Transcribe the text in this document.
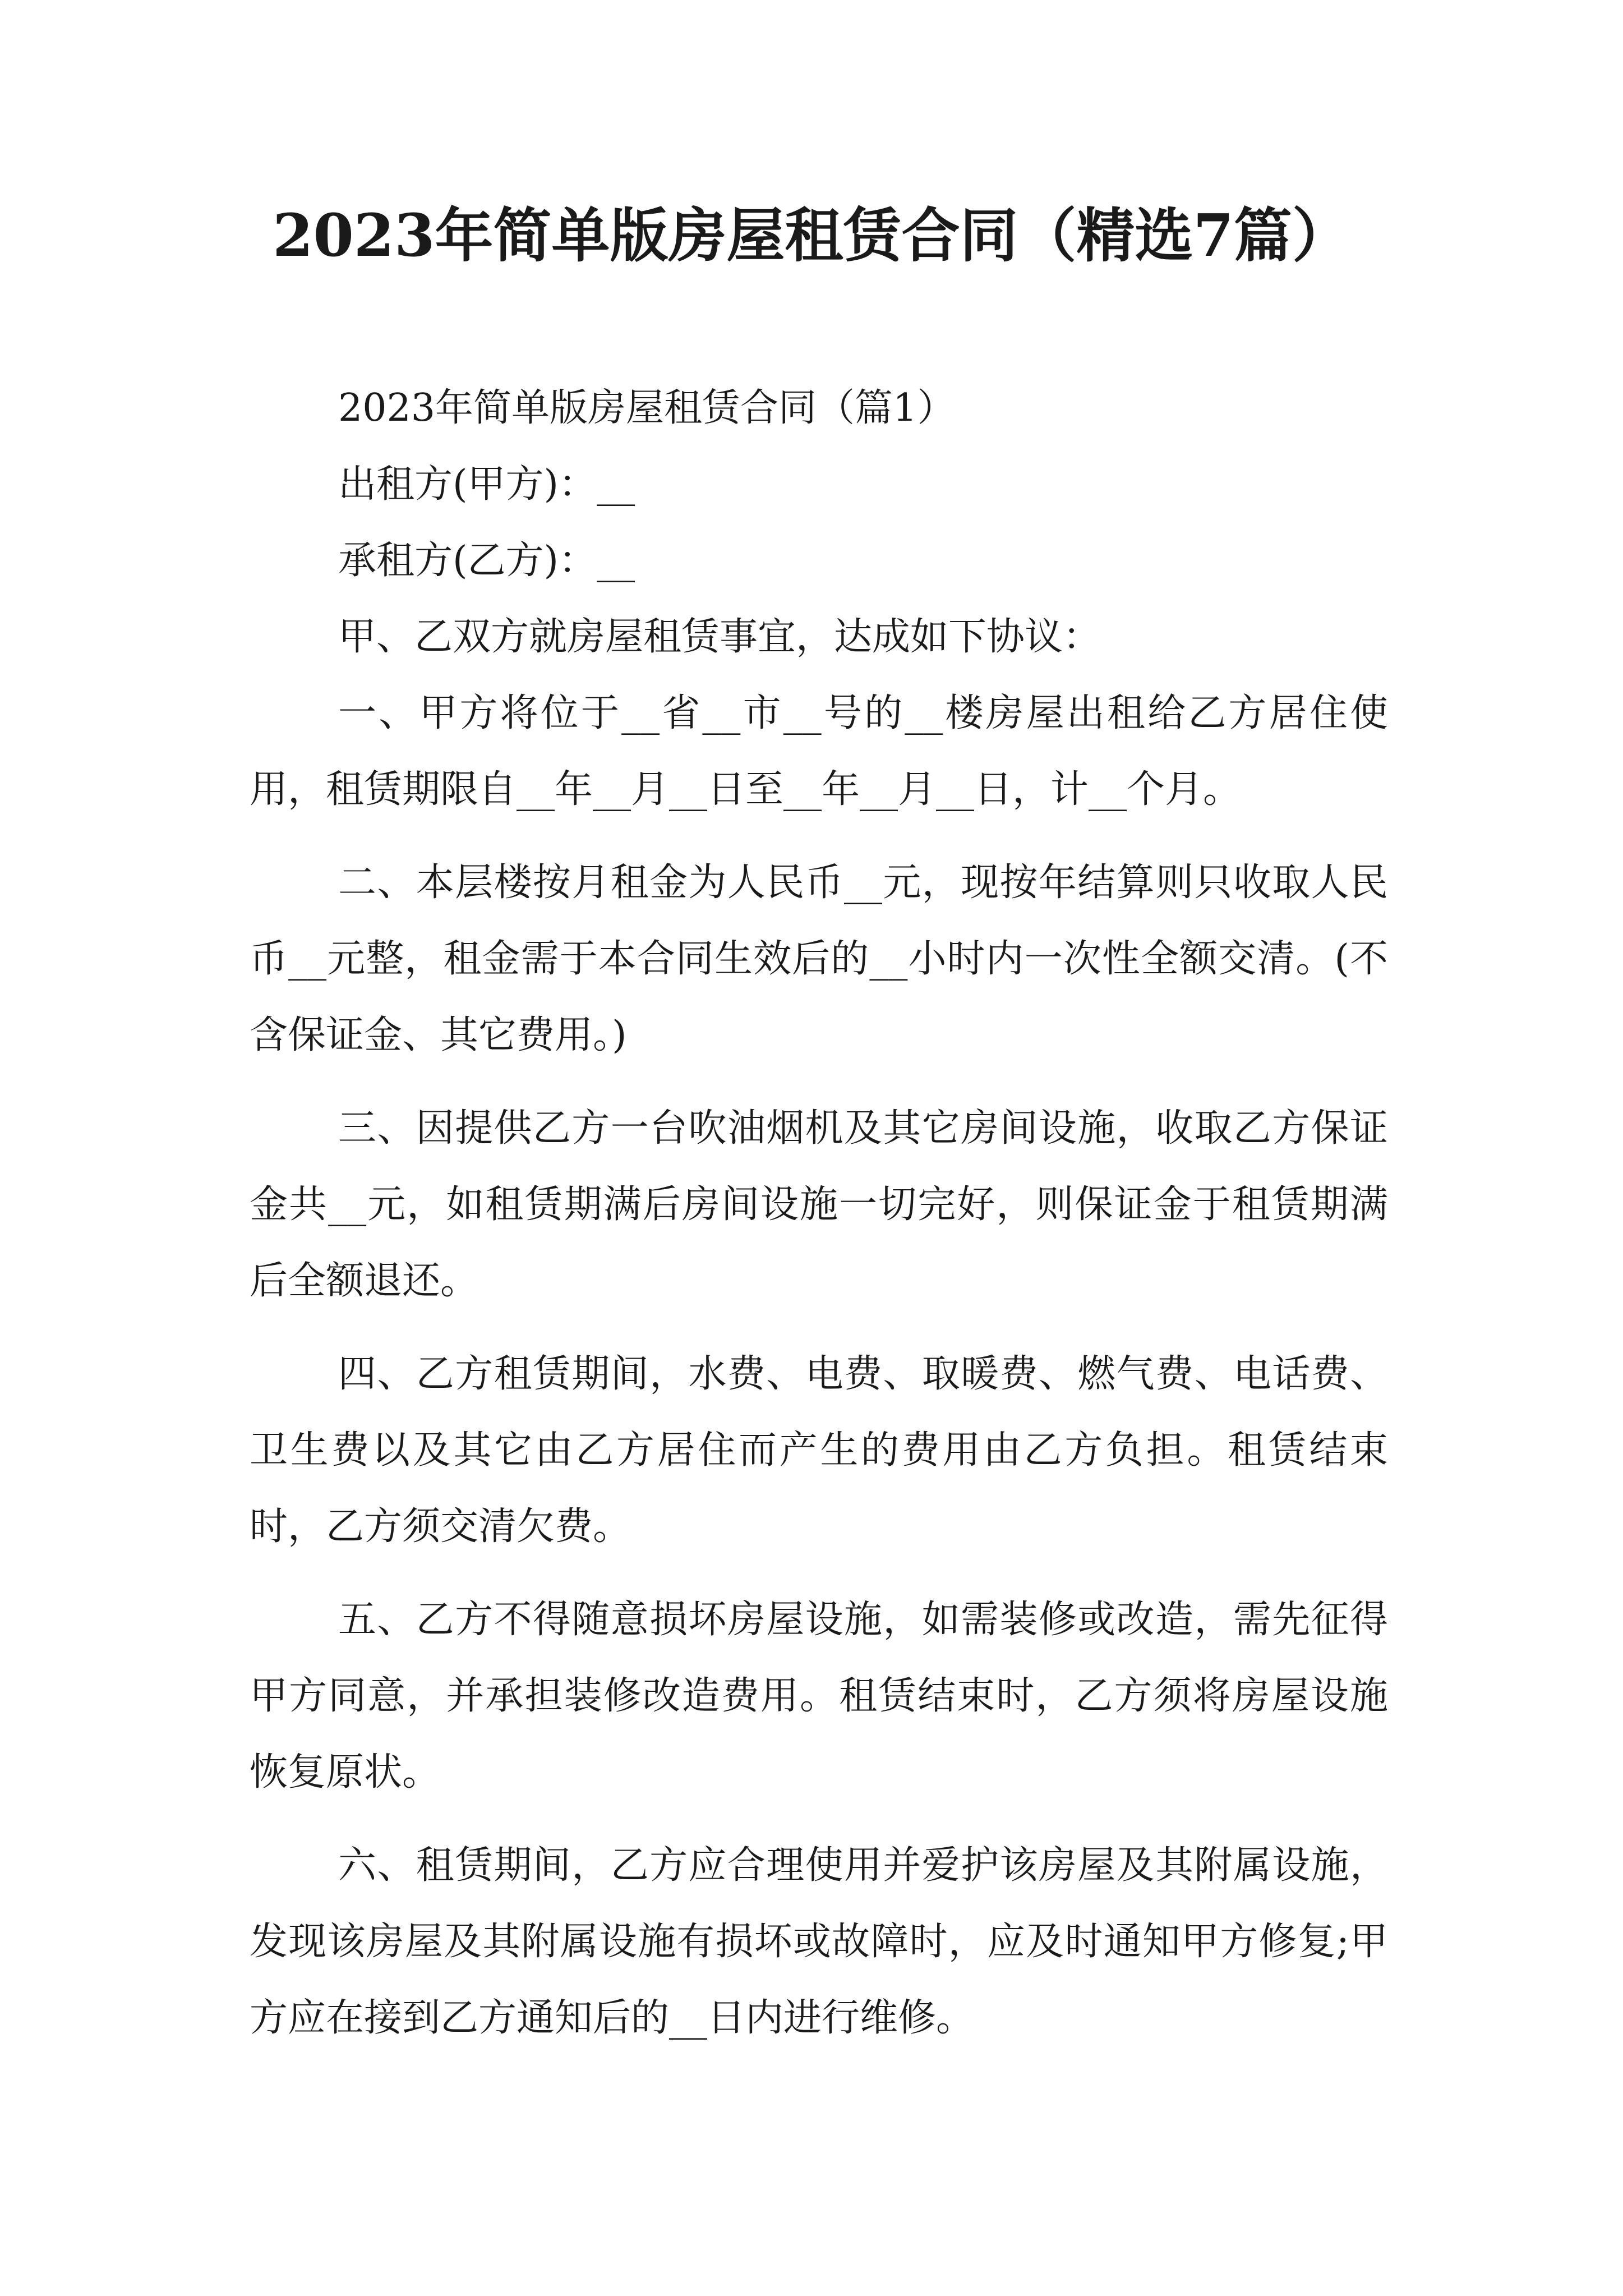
2023年简单版房屋租赁合同（精选7篇）

2023年简单版房屋租赁合同（篇1）

出租方(甲方)：__

承租方(乙方)：__

甲、乙双方就房屋租赁事宜，达成如下协议：

一、甲方将位于__省__市__号的__楼房屋出租给乙方居住使用，租赁期限自__年__月__日至__年__月__日，计__个月。

二、本层楼按月租金为人民币__元，现按年结算则只收取人民币__元整，租金需于本合同生效后的__小时内一次性全额交清。(不含保证金、其它费用。)

三、因提供乙方一台吹油烟机及其它房间设施，收取乙方保证金共__元，如租赁期满后房间设施一切完好，则保证金于租赁期满后全额退还。

四、乙方租赁期间，水费、电费、取暖费、燃气费、电话费、卫生费以及其它由乙方居住而产生的费用由乙方负担。租赁结束时，乙方须交清欠费。

五、乙方不得随意损坏房屋设施，如需装修或改造，需先征得甲方同意，并承担装修改造费用。租赁结束时，乙方须将房屋设施恢复原状。

六、租赁期间，乙方应合理使用并爱护该房屋及其附属设施，发现该房屋及其附属设施有损坏或故障时，应及时通知甲方修复;甲方应在接到乙方通知后的__日内进行维修。
